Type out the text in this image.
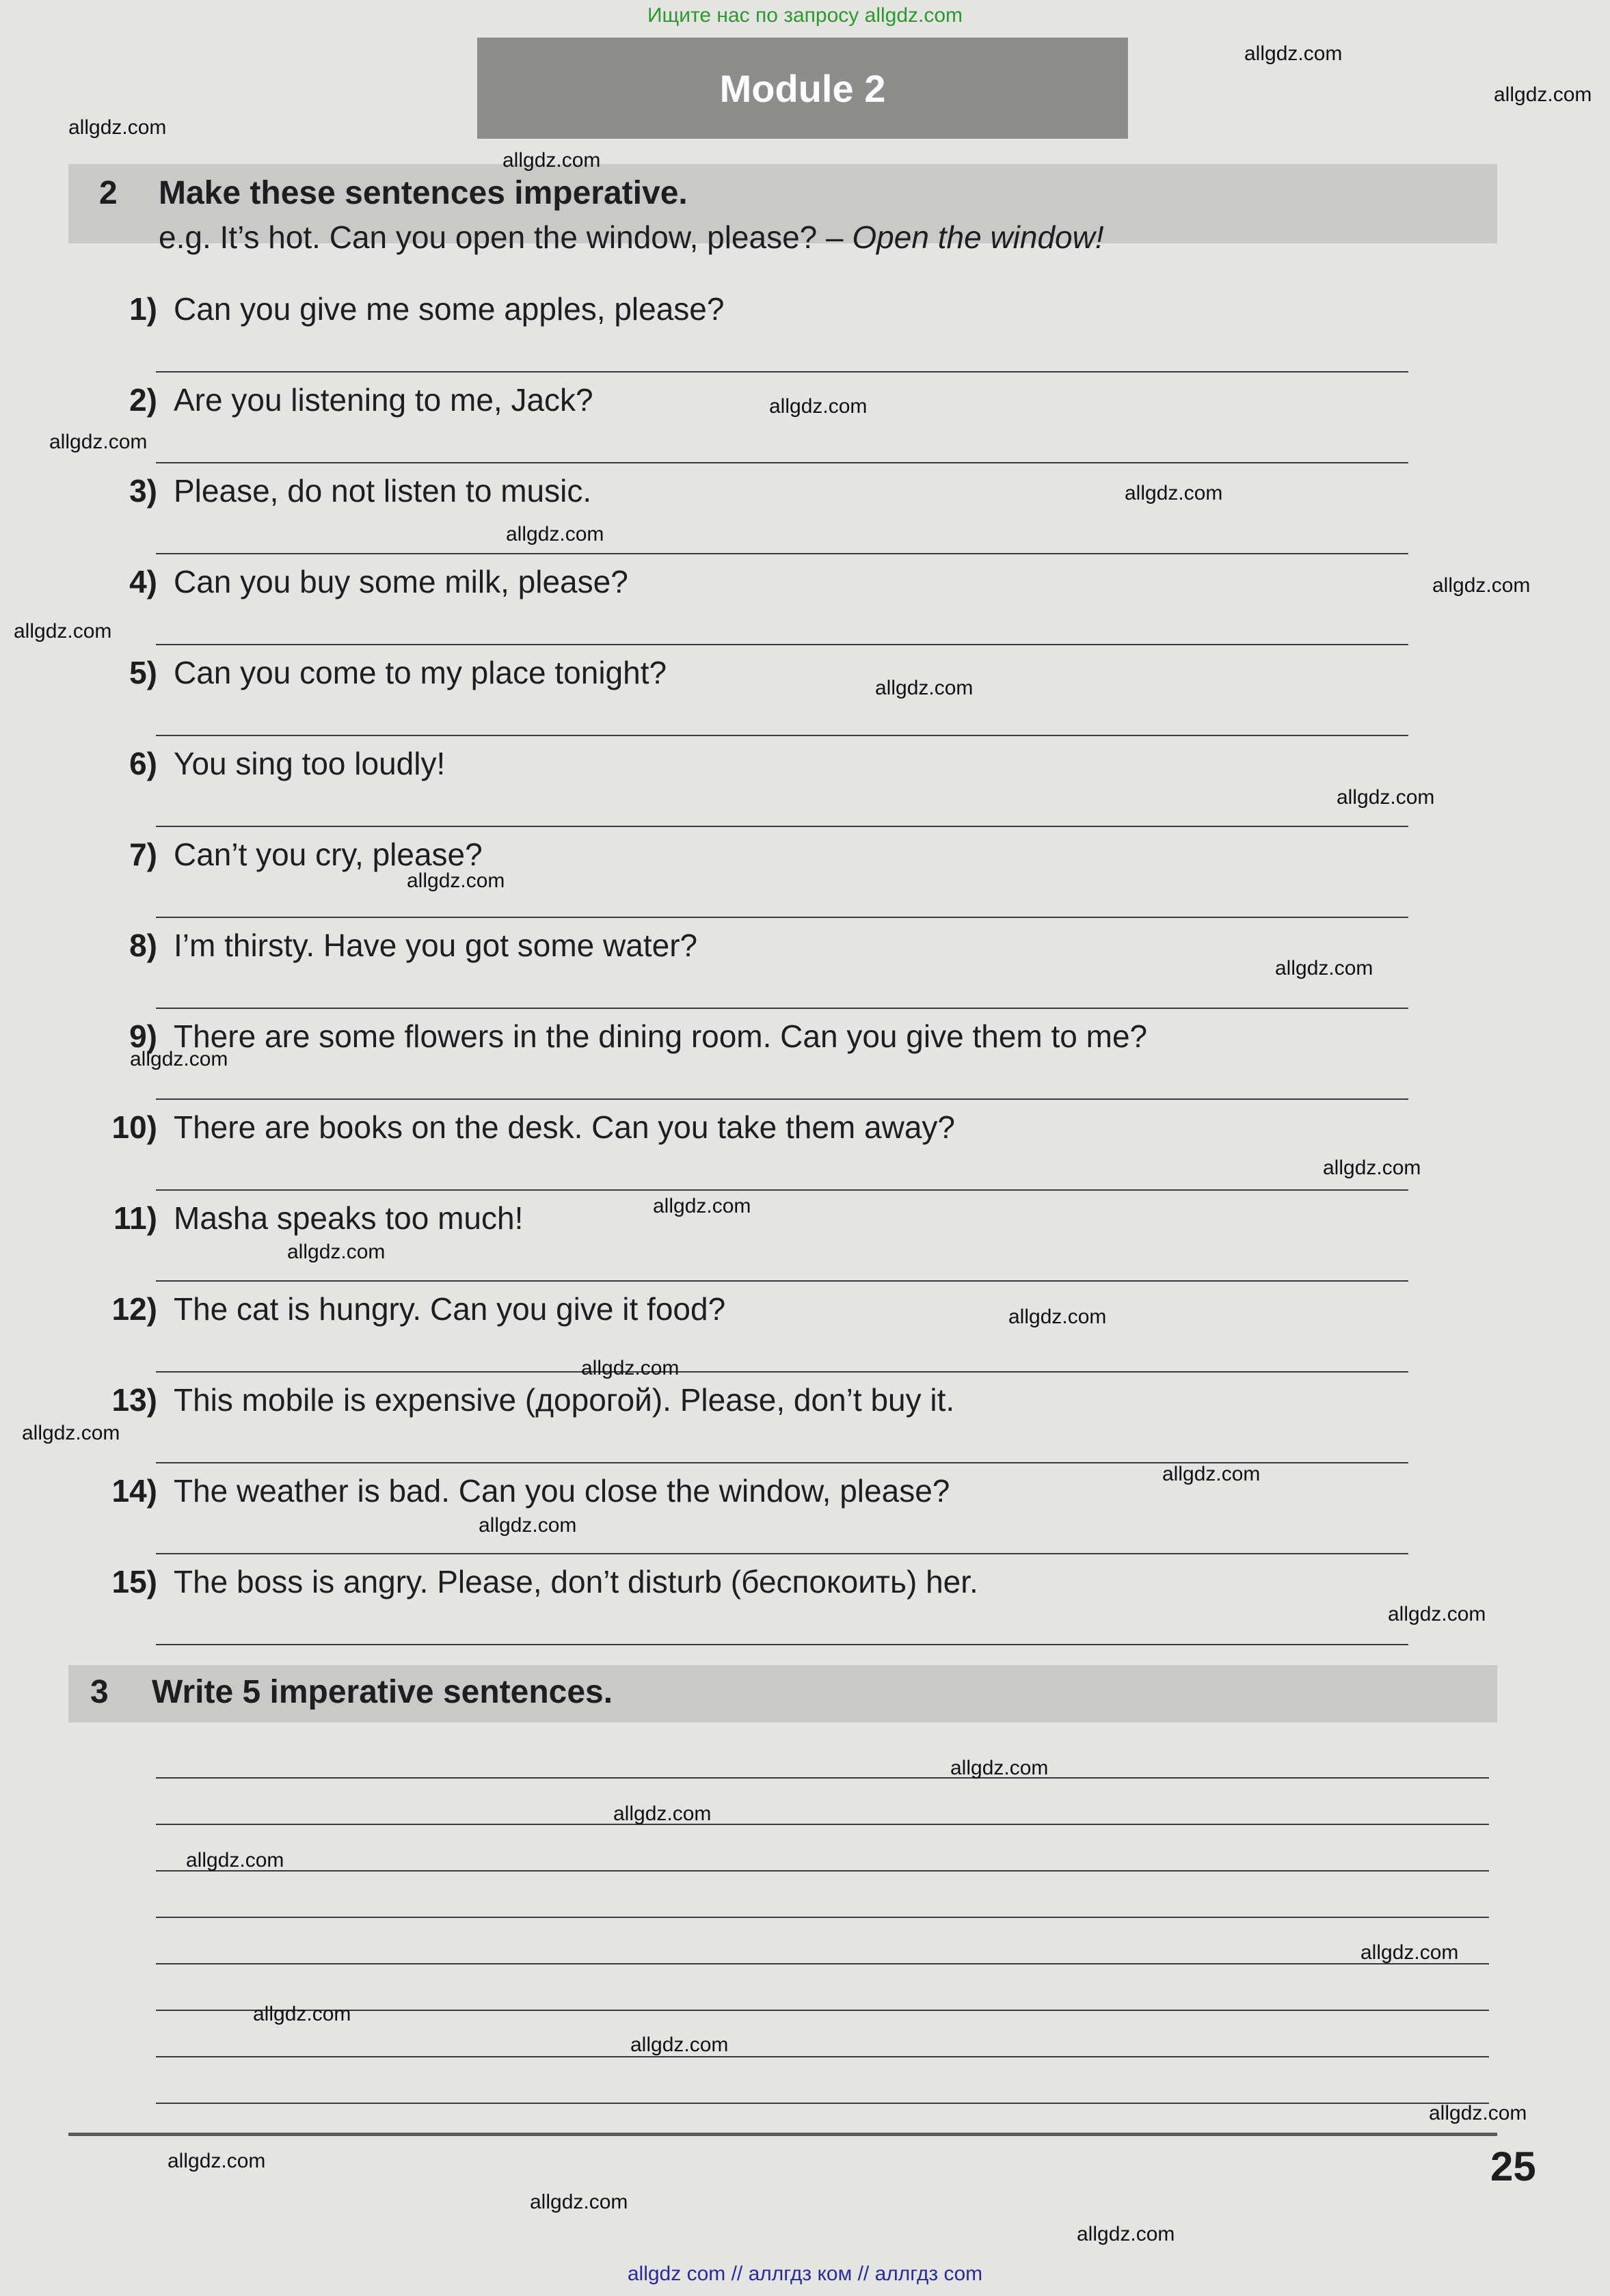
Ищите нас по запросу allgdz.com
Module 2
2 Make these sentences imperative.
e.g. It’s hot. Can you open the window, please? – Open the window!
1) Can you give me some apples, please?
2) Are you listening to me, Jack?
3) Please, do not listen to music.
4) Can you buy some milk, please?
5) Can you come to my place tonight?
6) You sing too loudly!
7) Can’t you cry, please?
8) I’m thirsty. Have you got some water?
9) There are some flowers in the dining room. Can you give them to me?
10) There are books on the desk. Can you take them away?
11) Masha speaks too much!
12) The cat is hungry. Can you give it food?
13) This mobile is expensive (дорогой). Please, don’t buy it.
14) The weather is bad. Can you close the window, please?
15) The boss is angry. Please, don’t disturb (беспокоить) her.
3 Write 5 imperative sentences.
25
allgdz com // аллгдз ком // аллгдз com
allgdz.com
allgdz.com
allgdz.com
allgdz.com
allgdz.com
allgdz.com
allgdz.com
allgdz.com
allgdz.com
allgdz.com
allgdz.com
allgdz.com
allgdz.com
allgdz.com
allgdz.com
allgdz.com
allgdz.com
allgdz.com
allgdz.com
allgdz.com
allgdz.com
allgdz.com
allgdz.com
allgdz.com
allgdz.com
allgdz.com
allgdz.com
allgdz.com
allgdz.com
allgdz.com
allgdz.com
allgdz.com
allgdz.com
allgdz.com
